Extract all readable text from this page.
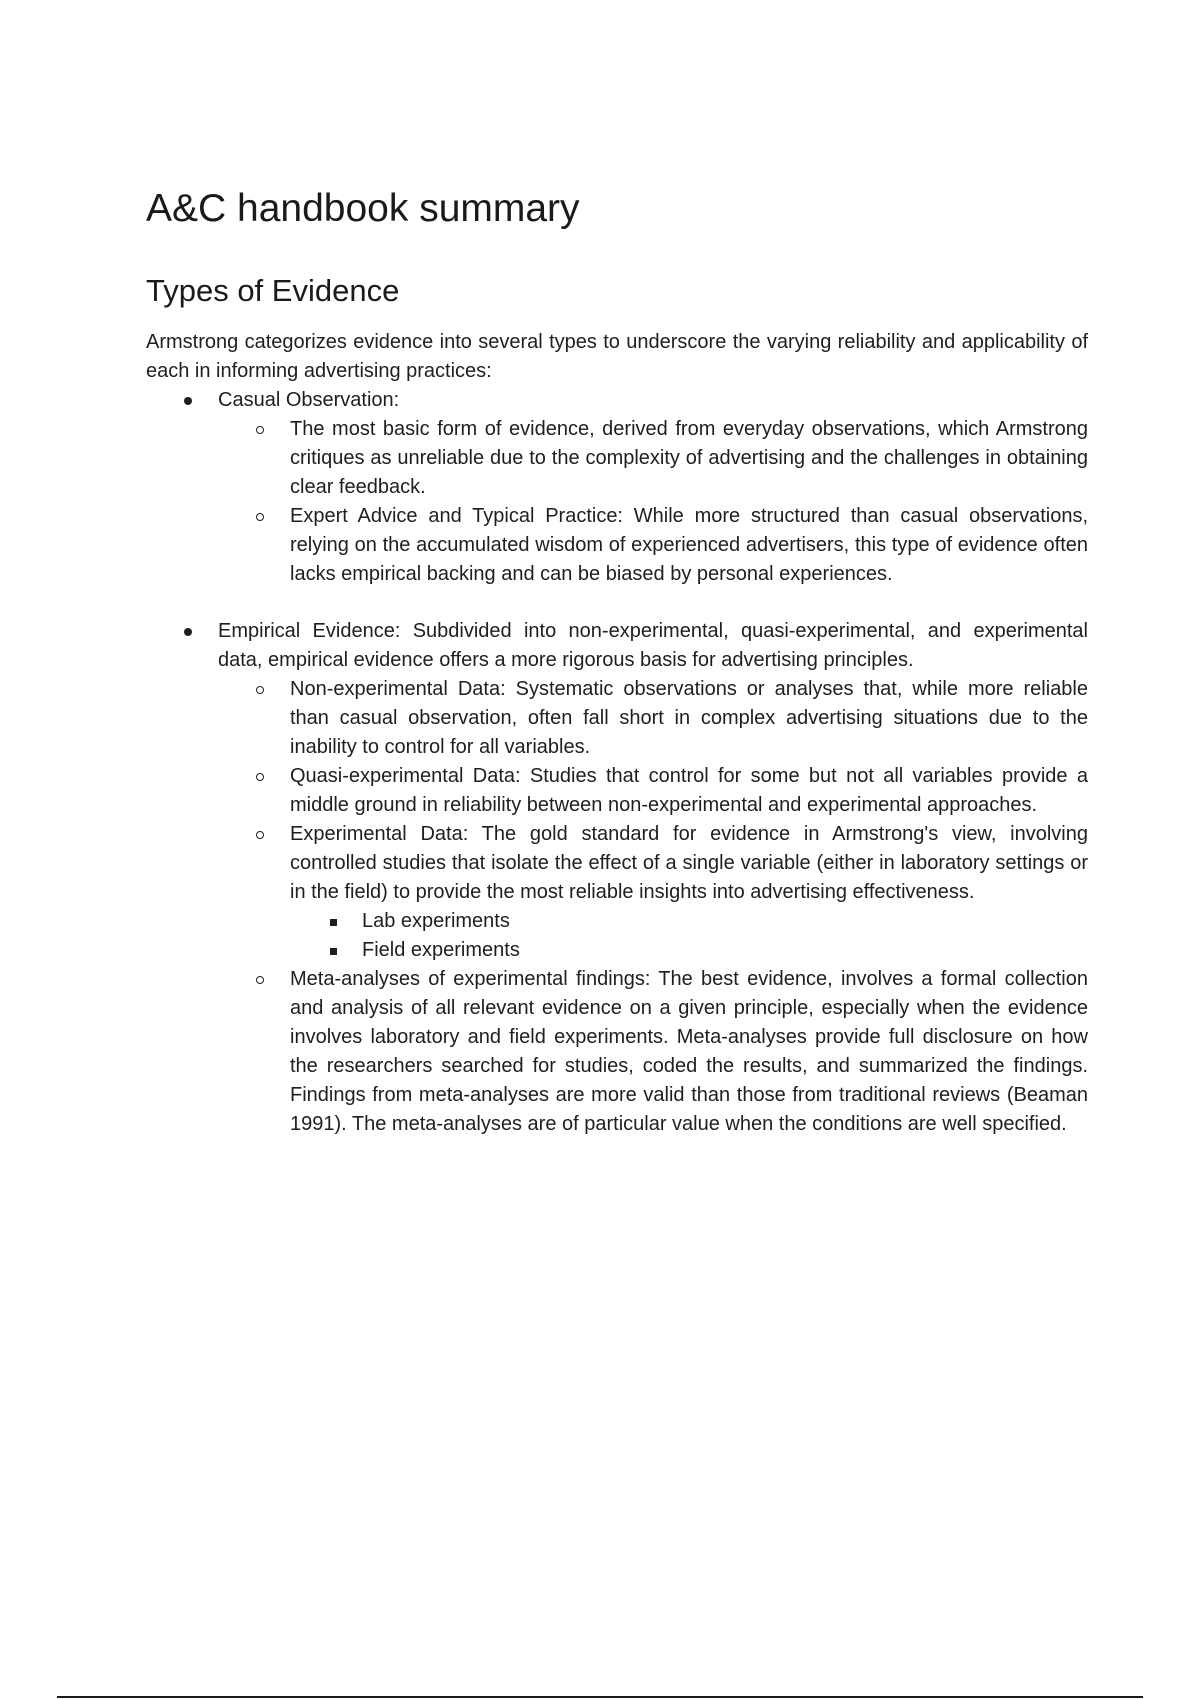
A&C handbook summary
Types of Evidence

Armstrong categorizes evidence into several types to underscore the varying reliability and applicability of each in informing advertising practices:

Casual Observation:
The most basic form of evidence, derived from everyday observations, which Armstrong critiques as unreliable due to the complexity of advertising and the challenges in obtaining clear feedback.
Expert Advice and Typical Practice: While more structured than casual observations, relying on the accumulated wisdom of experienced advertisers, this type of evidence often lacks empirical backing and can be biased by personal experiences.
Empirical Evidence: Subdivided into non-experimental, quasi-experimental, and experimental data, empirical evidence offers a more rigorous basis for advertising principles.
Non-experimental Data: Systematic observations or analyses that, while more reliable than casual observation, often fall short in complex advertising situations due to the inability to control for all variables.
Quasi-experimental Data: Studies that control for some but not all variables provide a middle ground in reliability between non-experimental and experimental approaches.
Experimental Data: The gold standard for evidence in Armstrong's view, involving controlled studies that isolate the effect of a single variable (either in laboratory settings or in the field) to provide the most reliable insights into advertising effectiveness.
Lab experiments
Field experiments
Meta-analyses of experimental findings: The best evidence, involves a formal collection and analysis of all relevant evidence on a given principle, especially when the evidence involves laboratory and field experiments. Meta-analyses provide full disclosure on how the researchers searched for studies, coded the results, and summarized the findings. Findings from meta-analyses are more valid than those from traditional reviews (Beaman 1991). The meta-analyses are of particular value when the conditions are well specified.
